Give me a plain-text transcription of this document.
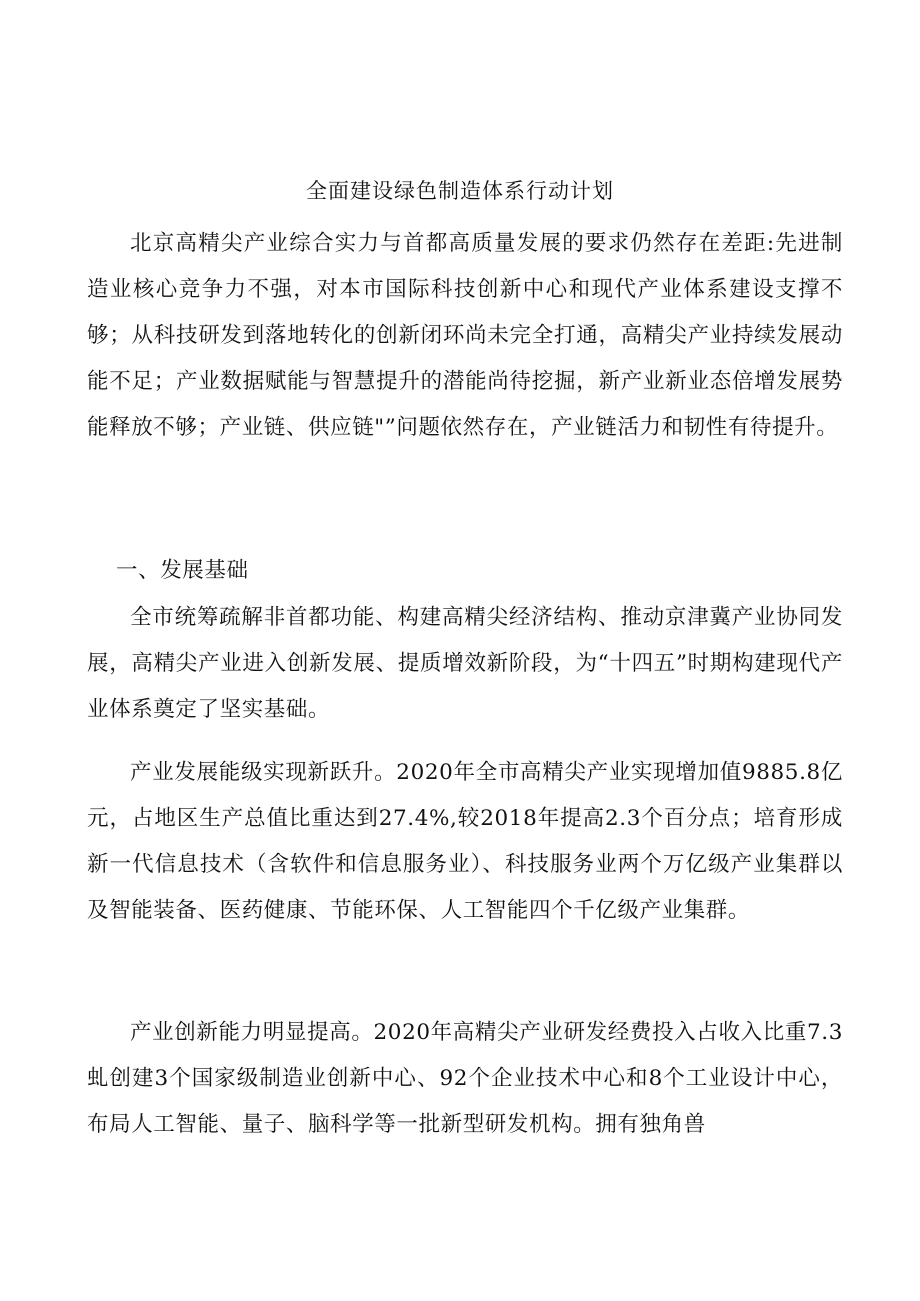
全面建设绿色制造体系行动计划

北京高精尖产业综合实力与首都高质量发展的要求仍然存在差距:先进制造业核心竞争力不强，对本市国际科技创新中心和现代产业体系建设支撑不够；从科技研发到落地转化的创新闭环尚未完全打通，高精尖产业持续发展动能不足；产业数据赋能与智慧提升的潜能尚待挖掘，新产业新业态倍增发展势能释放不够；产业链、供应链"”问题依然存在，产业链活力和韧性有待提升。

一、发展基础

全市统筹疏解非首都功能、构建高精尖经济结构、推动京津冀产业协同发展，高精尖产业进入创新发展、提质增效新阶段，为“十四五”时期构建现代产业体系奠定了坚实基础。

产业发展能级实现新跃升。2020年全市高精尖产业实现增加值9885.8亿元，占地区生产总值比重达到27.4%,较2018年提高2.3个百分点；培育形成新一代信息技术（含软件和信息服务业）、科技服务业两个万亿级产业集群以及智能装备、医药健康、节能环保、人工智能四个千亿级产业集群。

产业创新能力明显提高。2020年高精尖产业研发经费投入占收入比重7.3虬创建3个国家级制造业创新中心、92个企业技术中心和8个工业设计中心，布局人工智能、量子、脑科学等一批新型研发机构。拥有独角兽
